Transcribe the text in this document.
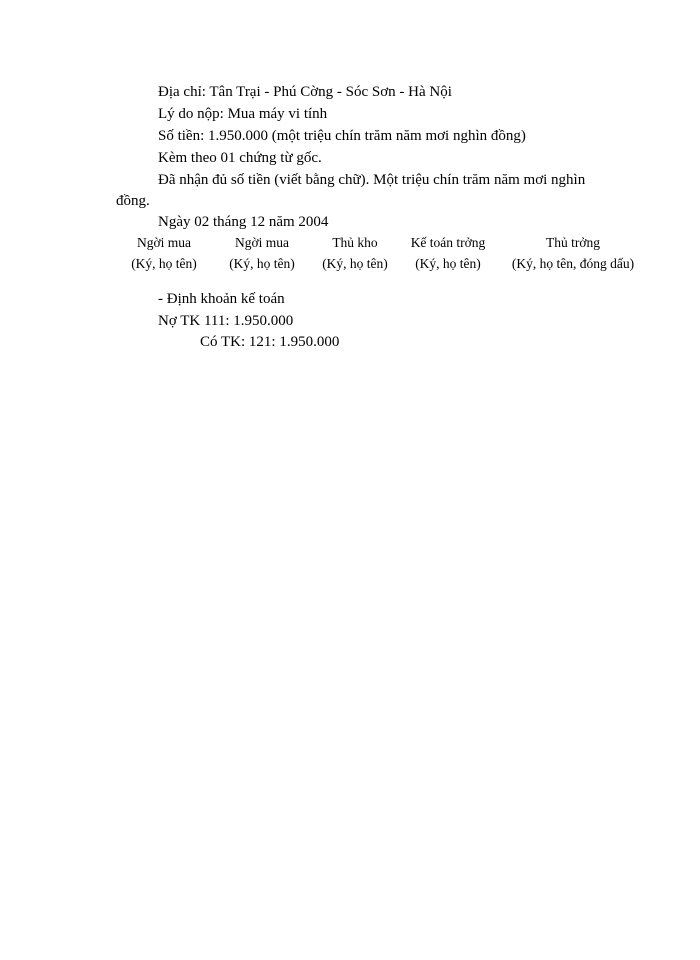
Địa chỉ: Tân Trại - Phú Cờng - Sóc Sơn - Hà Nội
Lý do nộp: Mua máy vi tính
Số tiền: 1.950.000 (một triệu chín trăm năm mơi nghìn đồng)
Kèm theo 01 chứng từ gốc.
Đã nhận đủ số tiền (viết bằng chữ). Một triệu chín trăm năm mơi nghìn
đồng.
Ngày 02 tháng 12 năm 2004
Ngời mua
(Ký, họ tên)
Ngời mua
(Ký, họ tên)
Thủ kho
(Ký, họ tên)
Kế toán trởng
(Ký, họ tên)
Thủ trởng
(Ký, họ tên, đóng dấu)
- Định khoản kế toán
Nợ TK 111: 1.950.000
Có TK: 121: 1.950.000
